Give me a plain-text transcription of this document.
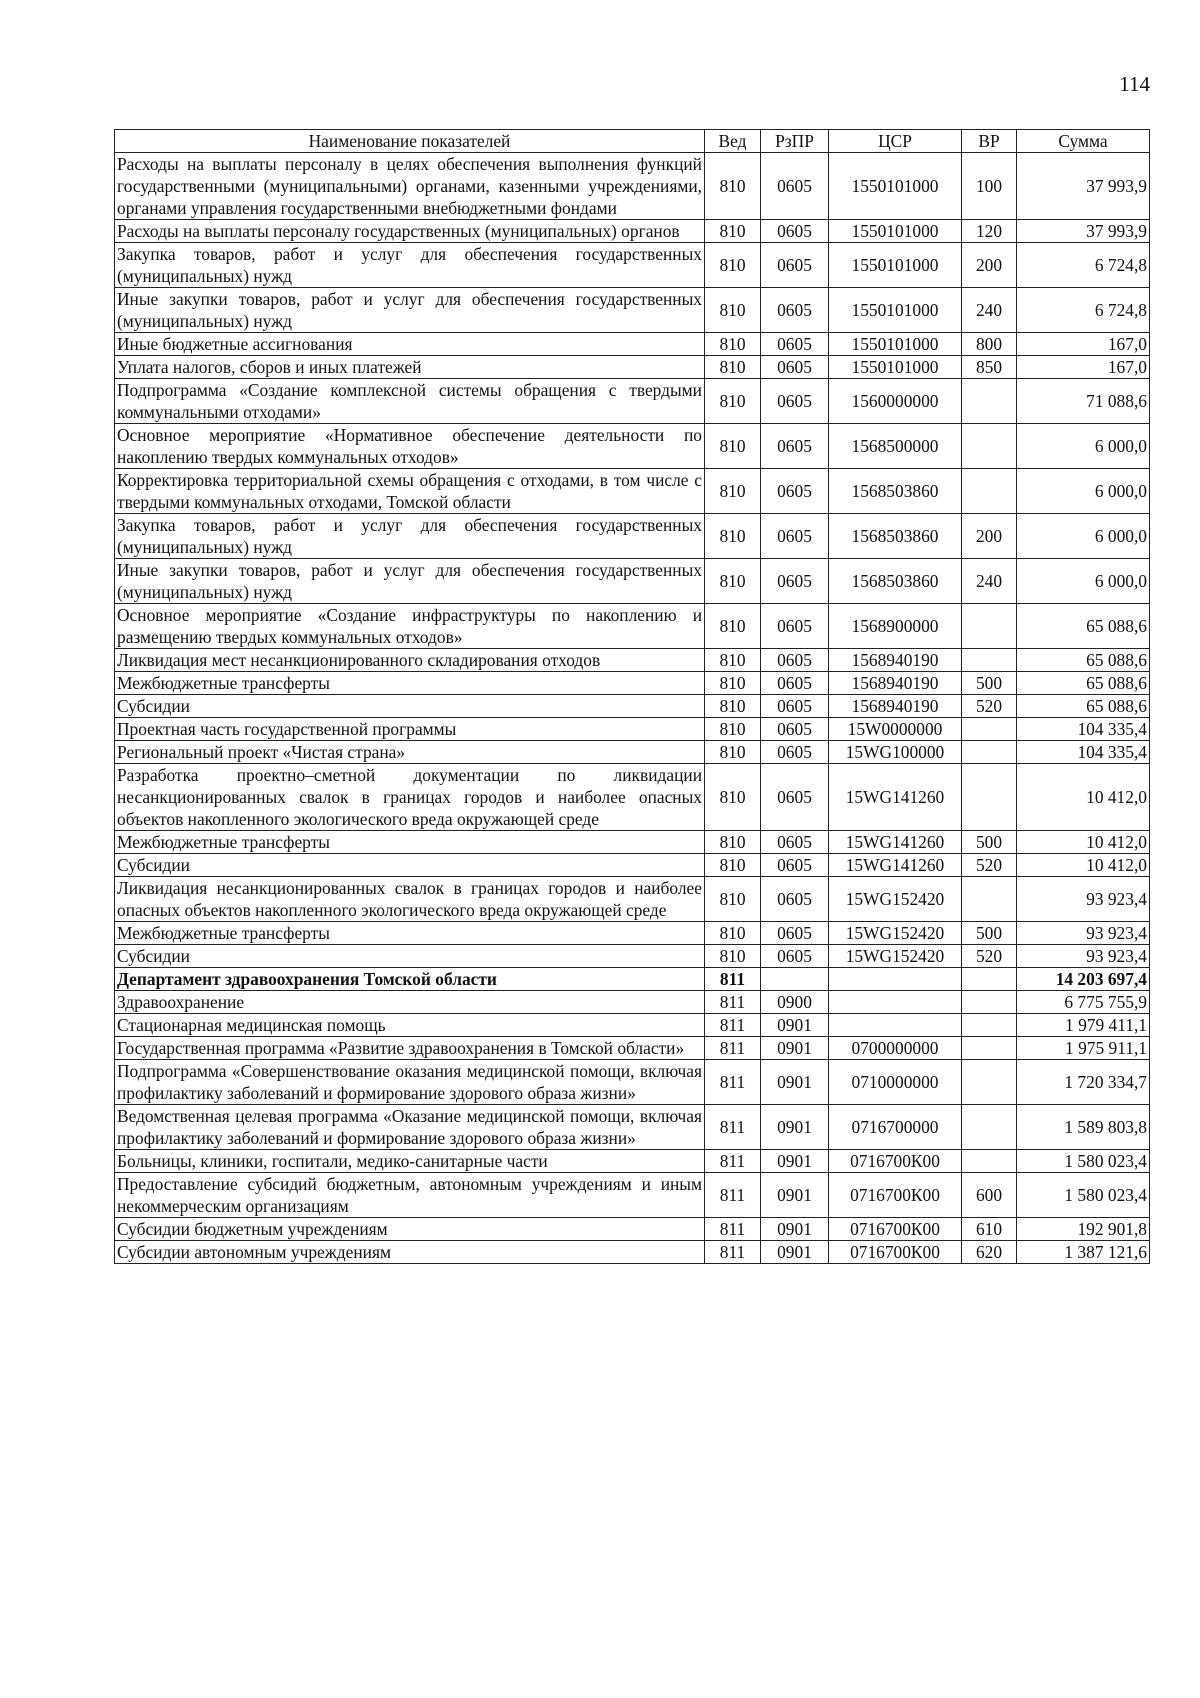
114
Наименование показателей	Вед	РзПР	ЦСР	ВР	Сумма
Расходы на выплаты персоналу в целях обеспечения выполнения функций государственными (муниципальными) органами, казенными учреждениями, органами управления государственными внебюджетными фондами	810	0605	1550101000	100	37 993,9
Расходы на выплаты персоналу государственных (муниципальных) органов	810	0605	1550101000	120	37 993,9
Закупка товаров, работ и услуг для обеспечения государственных (муниципальных) нужд	810	0605	1550101000	200	6 724,8
Иные закупки товаров, работ и услуг для обеспечения государственных (муниципальных) нужд	810	0605	1550101000	240	6 724,8
Иные бюджетные ассигнования	810	0605	1550101000	800	167,0
Уплата налогов, сборов и иных платежей	810	0605	1550101000	850	167,0
Подпрограмма «Создание комплексной системы обращения с твердыми коммунальными отходами»	810	0605	1560000000		71 088,6
Основное мероприятие «Нормативное обеспечение деятельности по накоплению твердых коммунальных отходов»	810	0605	1568500000		6 000,0
Корректировка территориальной схемы обращения с отходами, в том числе с твердыми коммунальных отходами, Томской области	810	0605	1568503860		6 000,0
Закупка товаров, работ и услуг для обеспечения государственных (муниципальных) нужд	810	0605	1568503860	200	6 000,0
Иные закупки товаров, работ и услуг для обеспечения государственных (муниципальных) нужд	810	0605	1568503860	240	6 000,0
Основное мероприятие «Создание инфраструктуры по накоплению и размещению твердых коммунальных отходов»	810	0605	1568900000		65 088,6
Ликвидация мест несанкционированного складирования отходов	810	0605	1568940190		65 088,6
Межбюджетные трансферты	810	0605	1568940190	500	65 088,6
Субсидии	810	0605	1568940190	520	65 088,6
Проектная часть государственной программы	810	0605	15W0000000		104 335,4
Региональный проект «Чистая страна»	810	0605	15WG100000		104 335,4
Разработка проектно–сметной документации по ликвидации несанкционированных свалок в границах городов и наиболее опасных объектов накопленного экологического вреда окружающей среде	810	0605	15WG141260		10 412,0
Межбюджетные трансферты	810	0605	15WG141260	500	10 412,0
Субсидии	810	0605	15WG141260	520	10 412,0
Ликвидация несанкционированных свалок в границах городов и наиболее опасных объектов накопленного экологического вреда окружающей среде	810	0605	15WG152420		93 923,4
Межбюджетные трансферты	810	0605	15WG152420	500	93 923,4
Субсидии	810	0605	15WG152420	520	93 923,4
Департамент здравоохранения Томской области	811				14 203 697,4
Здравоохранение	811	0900			6 775 755,9
Стационарная медицинская помощь	811	0901			1 979 411,1
Государственная программа «Развитие здравоохранения в Томской области»	811	0901	0700000000		1 975 911,1
Подпрограмма «Совершенствование оказания медицинской помощи, включая профилактику заболеваний и формирование здорового образа жизни»	811	0901	0710000000		1 720 334,7
Ведомственная целевая программа «Оказание медицинской помощи, включая профилактику заболеваний и формирование здорового образа жизни»	811	0901	0716700000		1 589 803,8
Больницы, клиники, госпитали, медико-санитарные части	811	0901	0716700К00		1 580 023,4
Предоставление субсидий бюджетным, автономным учреждениям и иным некоммерческим организациям	811	0901	0716700К00	600	1 580 023,4
Субсидии бюджетным учреждениям	811	0901	0716700К00	610	192 901,8
Субсидии автономным учреждениям	811	0901	0716700К00	620	1 387 121,6
